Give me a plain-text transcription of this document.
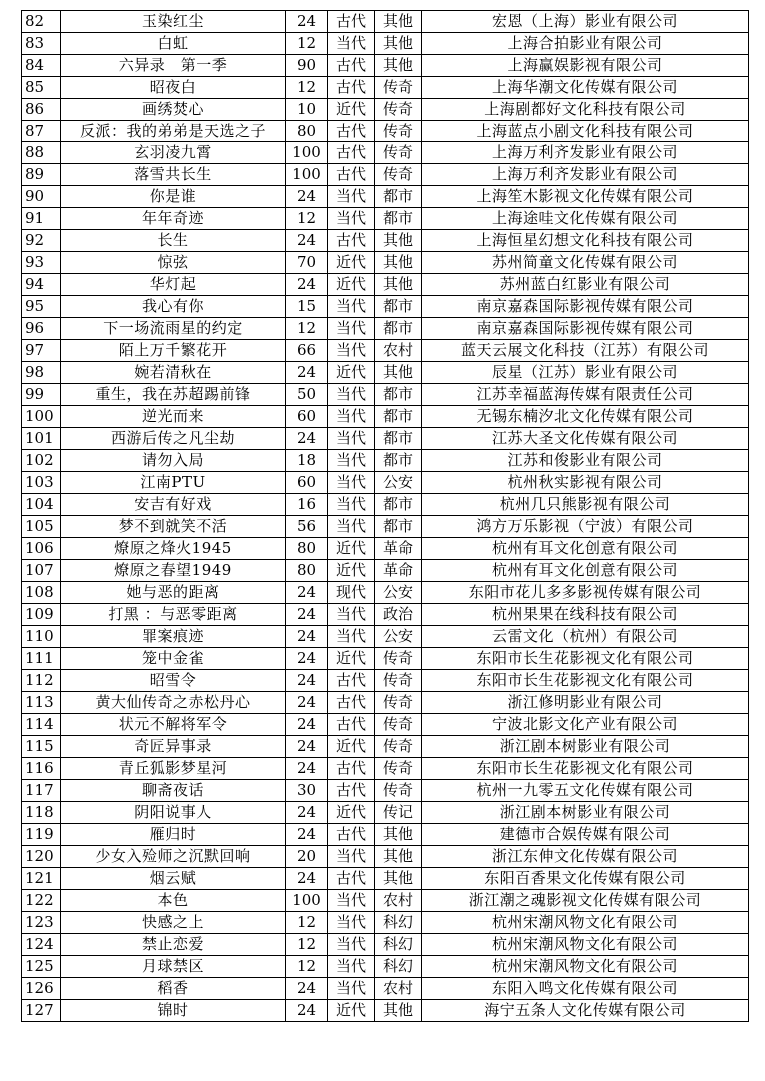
82	玉染红尘	24	古代	其他	宏恩（上海）影业有限公司
83	白虹	12	当代	其他	上海合拍影业有限公司
84	六异录　第一季	90	古代	其他	上海赢娱影视有限公司
85	昭夜白	12	古代	传奇	上海华潮文化传媒有限公司
86	画绣焚心	10	近代	传奇	上海剧都好文化科技有限公司
87	反派：我的弟弟是天选之子	80	古代	传奇	上海蓝点小剧文化科技有限公司
88	玄羽凌九霄	100	古代	传奇	上海万利齐发影业有限公司
89	落雪共长生	100	古代	传奇	上海万利齐发影业有限公司
90	你是谁	24	当代	都市	上海笙木影视文化传媒有限公司
91	年年奇迹	12	当代	都市	上海途哇文化传媒有限公司
92	长生	24	古代	其他	上海恒星幻想文化科技有限公司
93	惊弦	70	近代	其他	苏州简童文化传媒有限公司
94	华灯起	24	近代	其他	苏州蓝白红影业有限公司
95	我心有你	15	当代	都市	南京嘉森国际影视传媒有限公司
96	下一场流雨星的约定	12	当代	都市	南京嘉森国际影视传媒有限公司
97	陌上万千繁花开	66	当代	农村	蓝天云展文化科技（江苏）有限公司
98	婉若清秋在	24	近代	其他	辰星（江苏）影业有限公司
99	重生，我在苏超踢前锋	50	当代	都市	江苏幸福蓝海传媒有限责任公司
100	逆光而来	60	当代	都市	无锡东楠汐北文化传媒有限公司
101	西游后传之凡尘劫	24	当代	都市	江苏大圣文化传媒有限公司
102	请勿入局	18	当代	都市	江苏和俊影业有限公司
103	江南PTU	60	当代	公安	杭州秋实影视有限公司
104	安吉有好戏	16	当代	都市	杭州几只熊影视有限公司
105	梦不到就笑不活	56	当代	都市	鸿方万乐影视（宁波）有限公司
106	燎原之烽火1945	80	近代	革命	杭州有耳文化创意有限公司
107	燎原之春望1949	80	近代	革命	杭州有耳文化创意有限公司
108	她与恶的距离	24	现代	公安	东阳市花儿多多影视传媒有限公司
109	打黑 ：与恶零距离	24	当代	政治	杭州果果在线科技有限公司
110	罪案痕迹	24	当代	公安	云雷文化（杭州）有限公司
111	笼中金雀	24	近代	传奇	东阳市长生花影视文化有限公司
112	昭雪令	24	古代	传奇	东阳市长生花影视文化有限公司
113	黄大仙传奇之赤松丹心	24	古代	传奇	浙江修明影业有限公司
114	状元不解将军令	24	古代	传奇	宁波北影文化产业有限公司
115	奇匠异事录	24	近代	传奇	浙江剧本树影业有限公司
116	青丘狐影梦星河	24	古代	传奇	东阳市长生花影视文化有限公司
117	聊斋夜话	30	古代	传奇	杭州一九零五文化传媒有限公司
118	阴阳说事人	24	近代	传记	浙江剧本树影业有限公司
119	雁归时	24	古代	其他	建德市合娱传媒有限公司
120	少女入殓师之沉默回响	20	当代	其他	浙江东伸文化传媒有限公司
121	烟云赋	24	古代	其他	东阳百香果文化传媒有限公司
122	本色	100	当代	农村	浙江潮之魂影视文化传媒有限公司
123	快感之上	12	当代	科幻	杭州宋潮风物文化有限公司
124	禁止恋爱	12	当代	科幻	杭州宋潮风物文化有限公司
125	月球禁区	12	当代	科幻	杭州宋潮风物文化有限公司
126	稻香	24	当代	农村	东阳入鸣文化传媒有限公司
127	锦时	24	近代	其他	海宁五条人文化传媒有限公司
